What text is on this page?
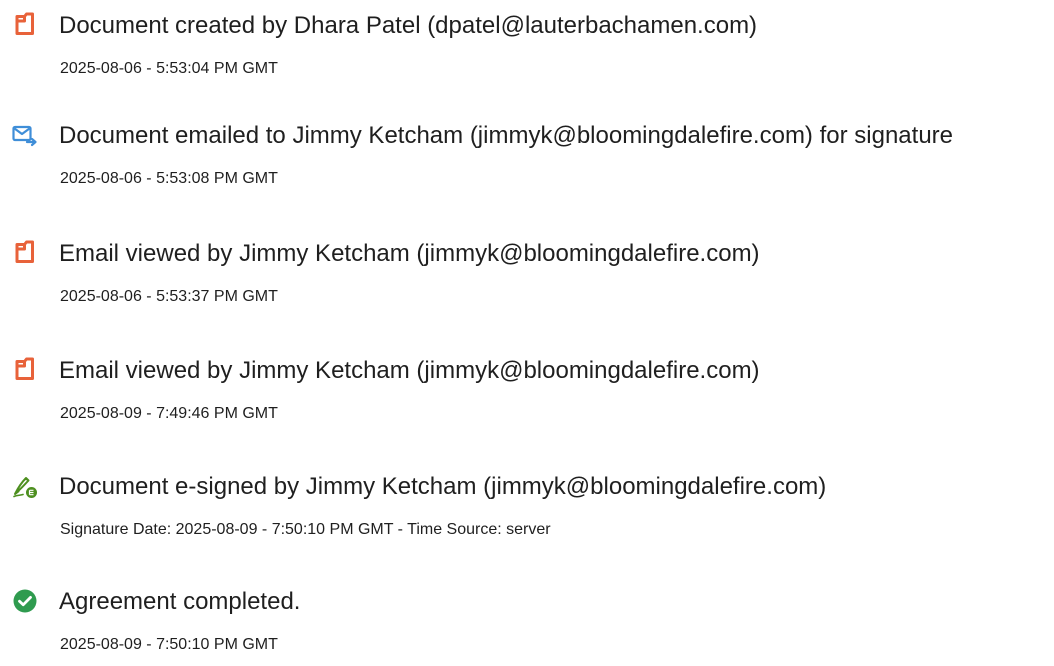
Document created by Dhara Patel (dpatel@lauterbachamen.com)
2025-08-06 - 5:53:04 PM GMT
Document emailed to Jimmy Ketcham (jimmyk@bloomingdalefire.com) for signature
2025-08-06 - 5:53:08 PM GMT
Email viewed by Jimmy Ketcham (jimmyk@bloomingdalefire.com)
2025-08-06 - 5:53:37 PM GMT
Email viewed by Jimmy Ketcham (jimmyk@bloomingdalefire.com)
2025-08-09 - 7:49:46 PM GMT
Document e-signed by Jimmy Ketcham (jimmyk@bloomingdalefire.com)
Signature Date: 2025-08-09 - 7:50:10 PM GMT - Time Source: server
Agreement completed.
2025-08-09 - 7:50:10 PM GMT
